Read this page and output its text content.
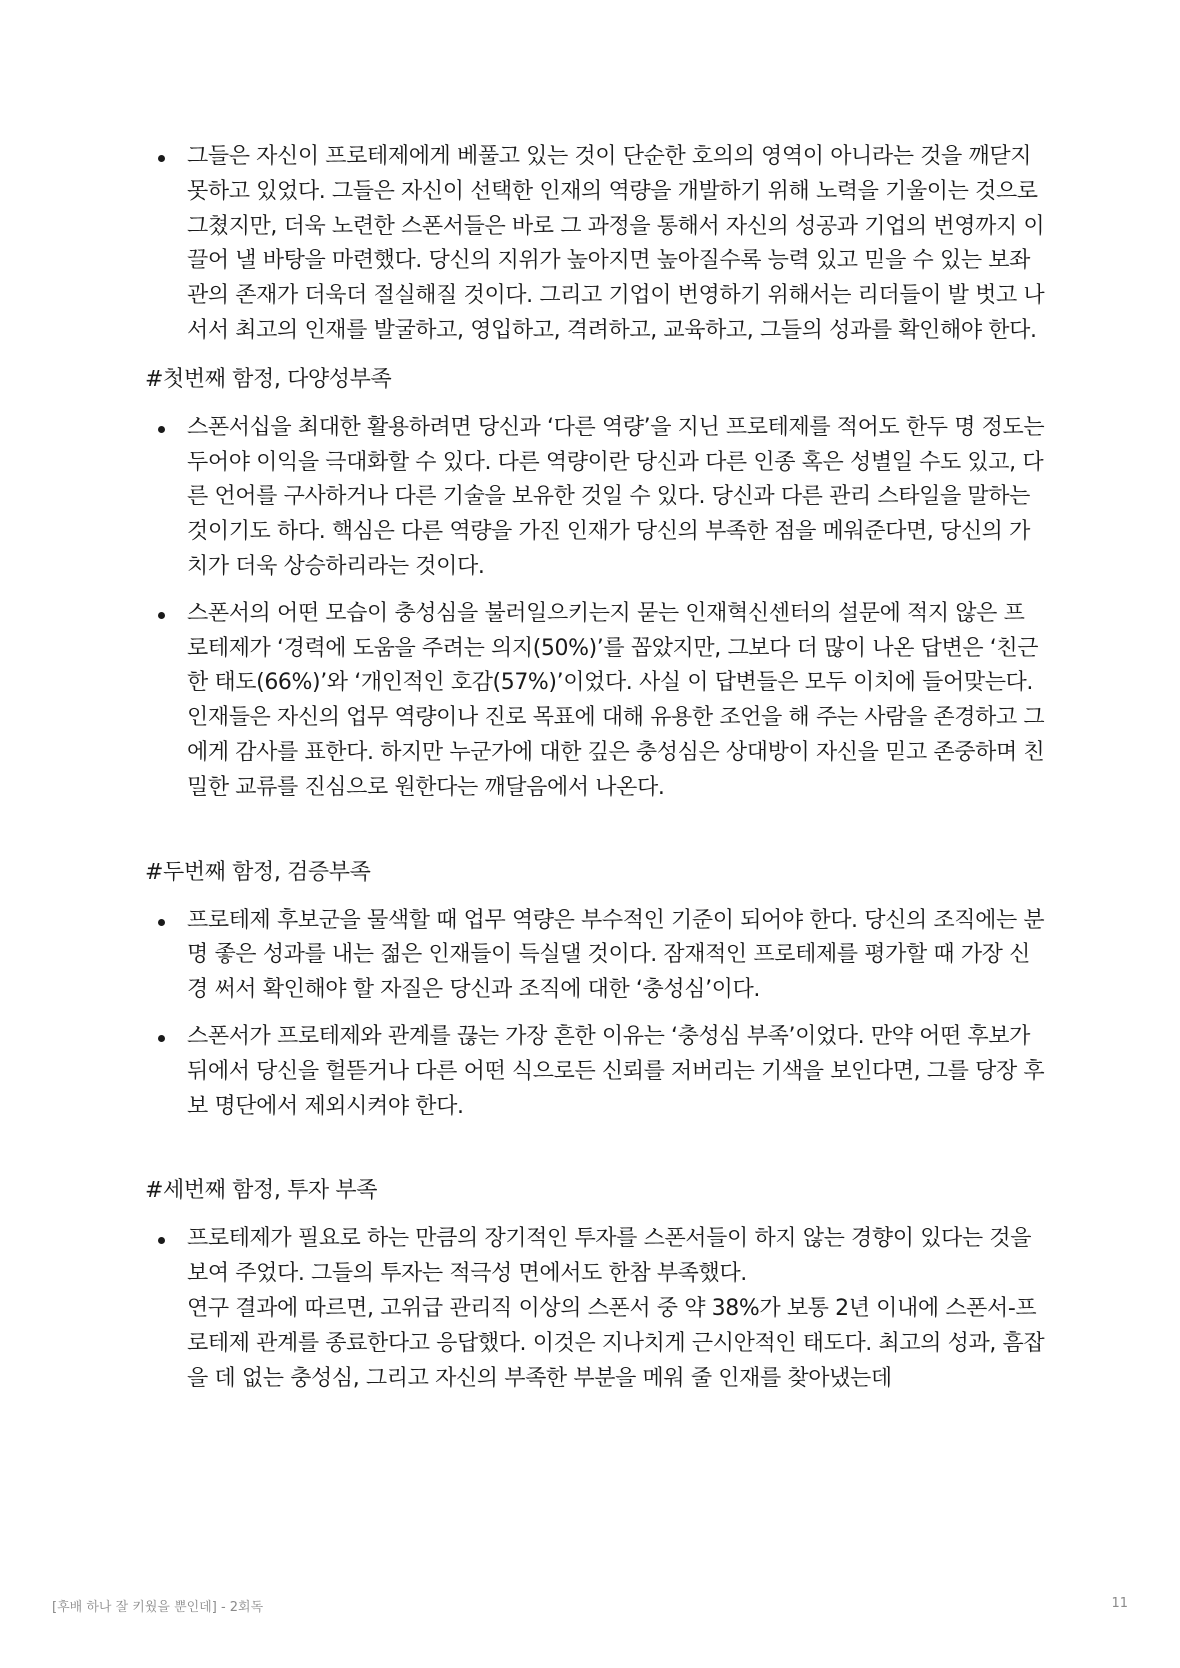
그들은 자신이 프로테제에게 베풀고 있는 것이 단순한 호의의 영역이 아니라는 것을 깨닫지 못하고 있었다. 그들은 자신이 선택한 인재의 역량을 개발하기 위해 노력을 기울이는 것으로 그쳤지만, 더욱 노련한 스폰서들은 바로 그 과정을 통해서 자신의 성공과 기업의 번영까지 이끌어 낼 바탕을 마련했다. 당신의 지위가 높아지면 높아질수록 능력 있고 믿을 수 있는 보좌관의 존재가 더욱더 절실해질 것이다. 그리고 기업이 번영하기 위해서는 리더들이 발 벗고 나서서 최고의 인재를 발굴하고, 영입하고, 격려하고, 교육하고, 그들의 성과를 확인해야 한다.
#첫번째 함정, 다양성부족
스폰서십을 최대한 활용하려면 당신과 ‘다른 역량’을 지닌 프로테제를 적어도 한두 명 정도는 두어야 이익을 극대화할 수 있다. 다른 역량이란 당신과 다른 인종 혹은 성별일 수도 있고, 다른 언어를 구사하거나 다른 기술을 보유한 것일 수 있다. 당신과 다른 관리 스타일을 말하는 것이기도 하다. 핵심은 다른 역량을 가진 인재가 당신의 부족한 점을 메워준다면, 당신의 가치가 더욱 상승하리라는 것이다.
스폰서의 어떤 모습이 충성심을 불러일으키는지 묻는 인재혁신센터의 설문에 적지 않은 프로테제가 ‘경력에 도움을 주려는 의지(50%)’를 꼽았지만, 그보다 더 많이 나온 답변은 ‘친근한 태도(66%)’와 ‘개인적인 호감(57%)’이었다. 사실 이 답변들은 모두 이치에 들어맞는다. 인재들은 자신의 업무 역량이나 진로 목표에 대해 유용한 조언을 해 주는 사람을 존경하고 그에게 감사를 표한다. 하지만 누군가에 대한 깊은 충성심은 상대방이 자신을 믿고 존중하며 친밀한 교류를 진심으로 원한다는 깨달음에서 나온다.
#두번째 함정, 검증부족
프로테제 후보군을 물색할 때 업무 역량은 부수적인 기준이 되어야 한다. 당신의 조직에는 분명 좋은 성과를 내는 젊은 인재들이 득실댈 것이다. 잠재적인 프로테제를 평가할 때 가장 신경 써서 확인해야 할 자질은 당신과 조직에 대한 ‘충성심’이다.
스폰서가 프로테제와 관계를 끊는 가장 흔한 이유는 ‘충성심 부족’이었다. 만약 어떤 후보가 뒤에서 당신을 헐뜯거나 다른 어떤 식으로든 신뢰를 저버리는 기색을 보인다면, 그를 당장 후보 명단에서 제외시켜야 한다.
#세번째 함정, 투자 부족
프로테제가 필요로 하는 만큼의 장기적인 투자를 스폰서들이 하지 않는 경향이 있다는 것을 보여 주었다. 그들의 투자는 적극성 면에서도 한참 부족했다.
연구 결과에 따르면, 고위급 관리직 이상의 스폰서 중 약 38%가 보통 2년 이내에 스폰서-프로테제 관계를 종료한다고 응답했다. 이것은 지나치게 근시안적인 태도다. 최고의 성과, 흠잡을 데 없는 충성심, 그리고 자신의 부족한 부분을 메워 줄 인재를 찾아냈는데
[후배 하나 잘 키웠을 뿐인데] - 2회독	11
